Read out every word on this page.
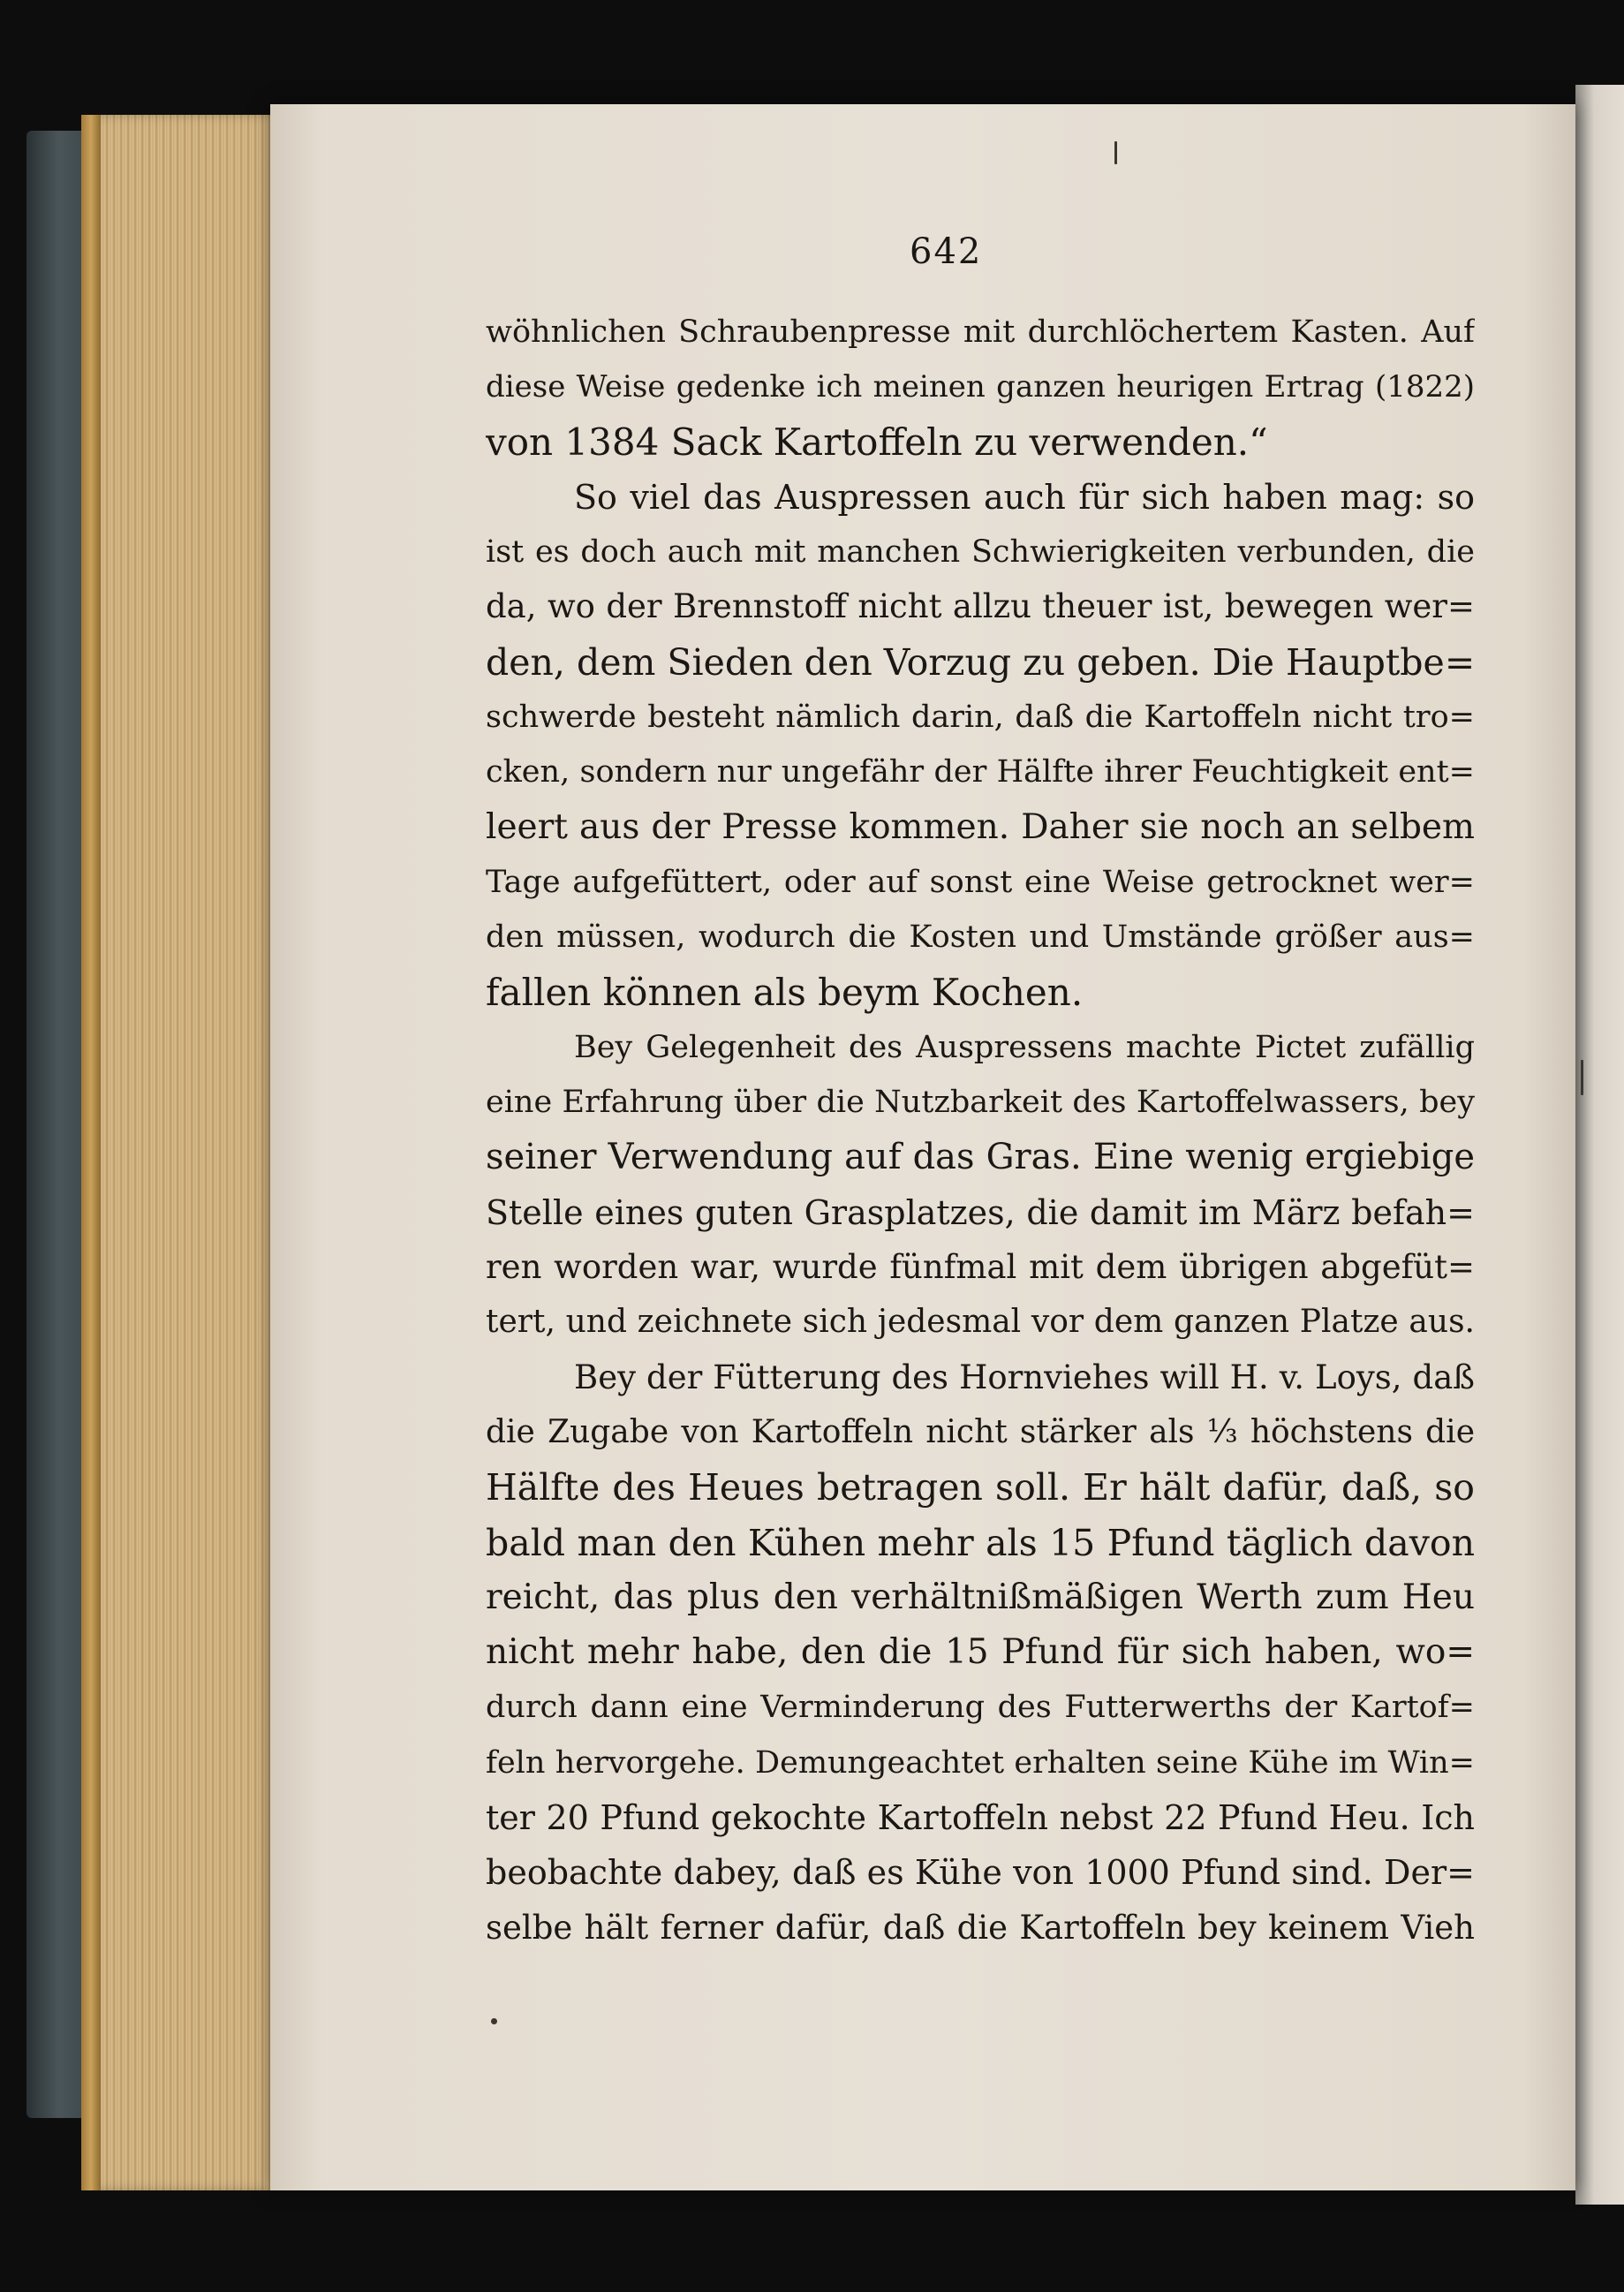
642
wöhnlichen Schraubenpresse mit durchlöchertem Kasten. Auf
diese Weise gedenke ich meinen ganzen heurigen Ertrag (1822)
von 1384 Sack Kartoffeln zu verwenden.“
So viel das Auspressen auch für sich haben mag: so
ist es doch auch mit manchen Schwierigkeiten verbunden, die
da, wo der Brennstoff nicht allzu theuer ist, bewegen wer=
den, dem Sieden den Vorzug zu geben. Die Hauptbe=
schwerde besteht nämlich darin, daß die Kartoffeln nicht tro=
cken, sondern nur ungefähr der Hälfte ihrer Feuchtigkeit ent=
leert aus der Presse kommen. Daher sie noch an selbem
Tage aufgefüttert, oder auf sonst eine Weise getrocknet wer=
den müssen, wodurch die Kosten und Umstände größer aus=
fallen können als beym Kochen.
Bey Gelegenheit des Auspressens machte Pictet zufällig
eine Erfahrung über die Nutzbarkeit des Kartoffelwassers, bey
seiner Verwendung auf das Gras. Eine wenig ergiebige
Stelle eines guten Grasplatzes, die damit im März befah=
ren worden war, wurde fünfmal mit dem übrigen abgefüt=
tert, und zeichnete sich jedesmal vor dem ganzen Platze aus.
Bey der Fütterung des Hornviehes will H. v. Loys, daß
die Zugabe von Kartoffeln nicht stärker als ⅓ höchstens die
Hälfte des Heues betragen soll. Er hält dafür, daß, so
bald man den Kühen mehr als 15 Pfund täglich davon
reicht, das plus den verhältnißmäßigen Werth zum Heu
nicht mehr habe, den die 15 Pfund für sich haben, wo=
durch dann eine Verminderung des Futterwerths der Kartof=
feln hervorgehe. Demungeachtet erhalten seine Kühe im Win=
ter 20 Pfund gekochte Kartoffeln nebst 22 Pfund Heu. Ich
beobachte dabey, daß es Kühe von 1000 Pfund sind. Der=
selbe hält ferner dafür, daß die Kartoffeln bey keinem Vieh
